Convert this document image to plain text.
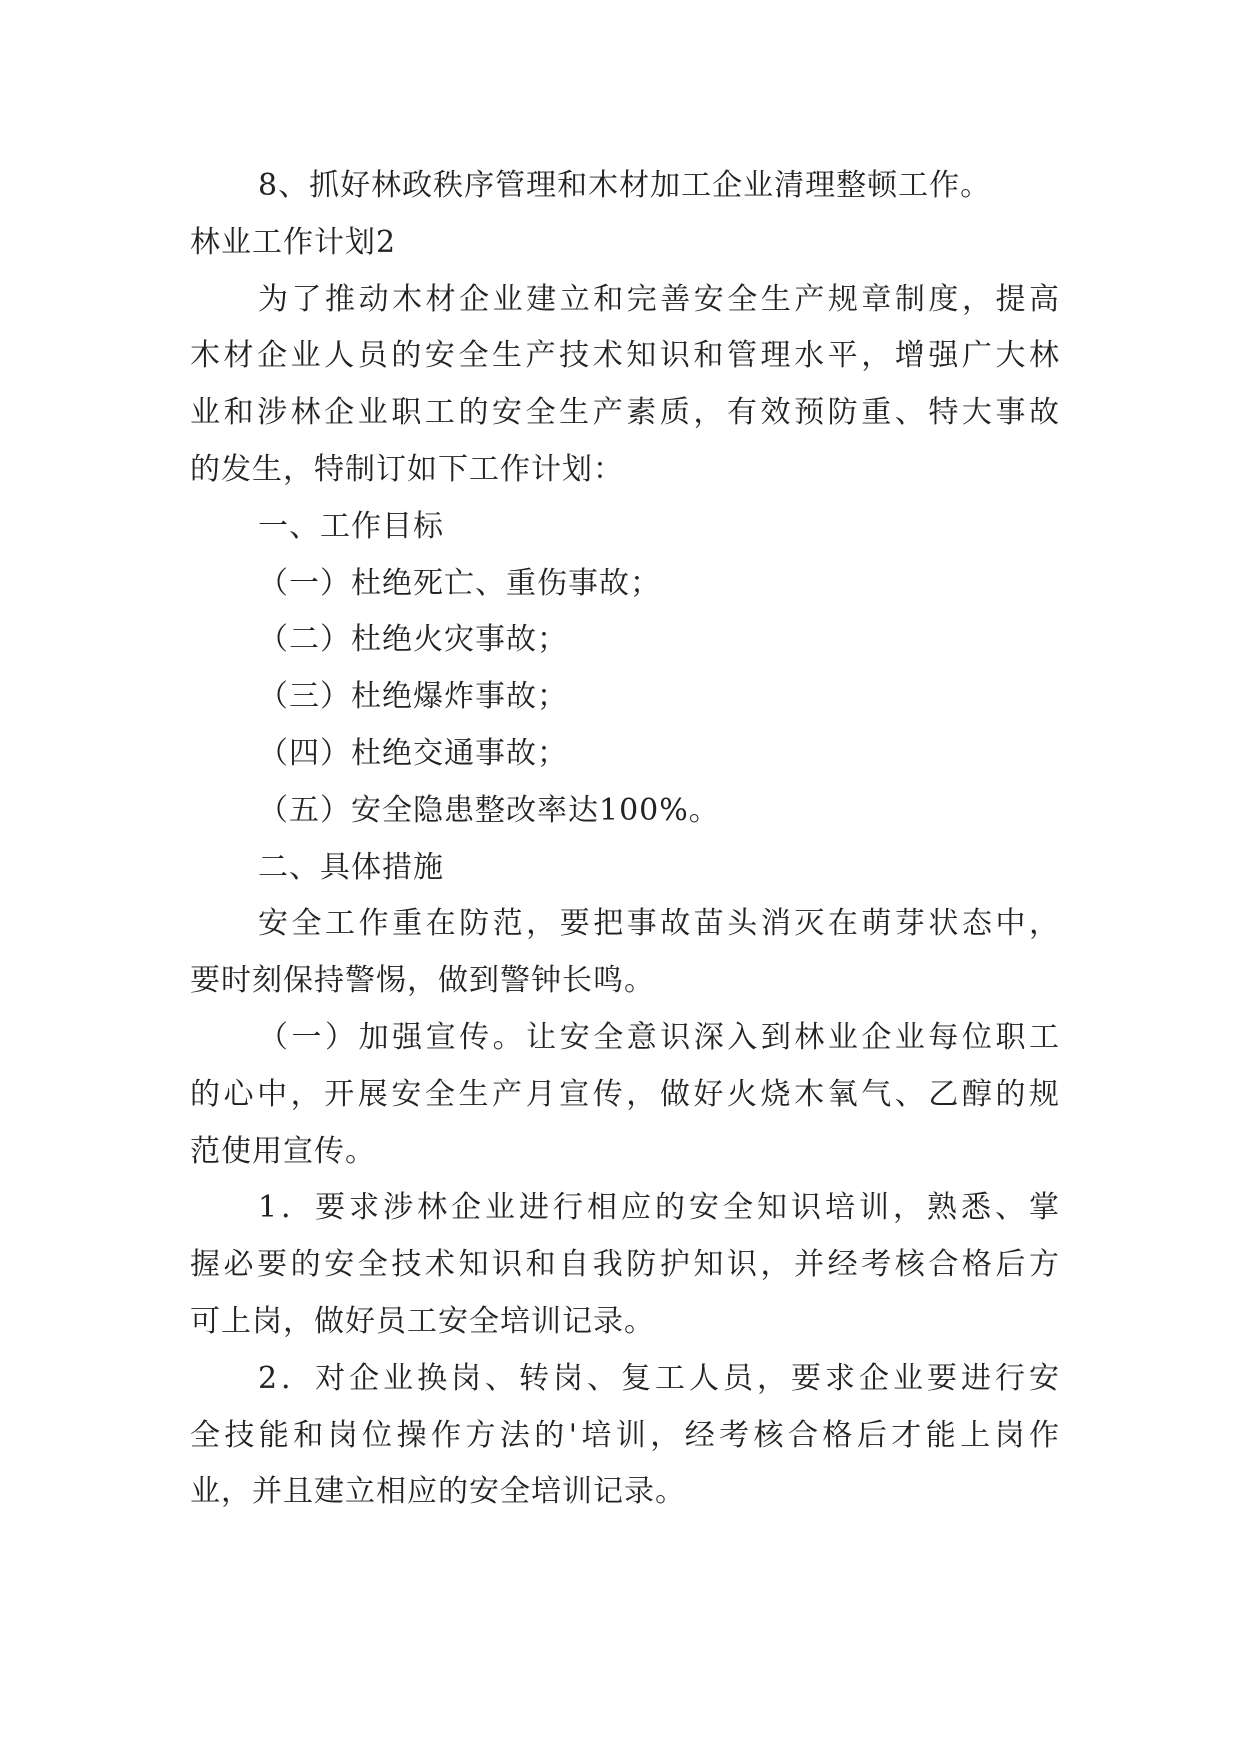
8、抓好林政秩序管理和木材加工企业清理整顿工作。
林业工作计划2
为了推动木材企业建立和完善安全生产规章制度，提高
木材企业人员的安全生产技术知识和管理水平，增强广大林
业和涉林企业职工的安全生产素质，有效预防重、特大事故
的发生，特制订如下工作计划：
一、工作目标
（一）杜绝死亡、重伤事故；
（二）杜绝火灾事故；
（三）杜绝爆炸事故；
（四）杜绝交通事故；
（五）安全隐患整改率达100%。
二、具体措施
安全工作重在防范，要把事故苗头消灭在萌芽状态中，
要时刻保持警惕，做到警钟长鸣。
（一）加强宣传。让安全意识深入到林业企业每位职工
的心中，开展安全生产月宣传，做好火烧木氧气、乙醇的规
范使用宣传。
1．要求涉林企业进行相应的安全知识培训，熟悉、掌
握必要的安全技术知识和自我防护知识，并经考核合格后方
可上岗，做好员工安全培训记录。
2．对企业换岗、转岗、复工人员，要求企业要进行安
全技能和岗位操作方法的'培训，经考核合格后才能上岗作
业，并且建立相应的安全培训记录。
